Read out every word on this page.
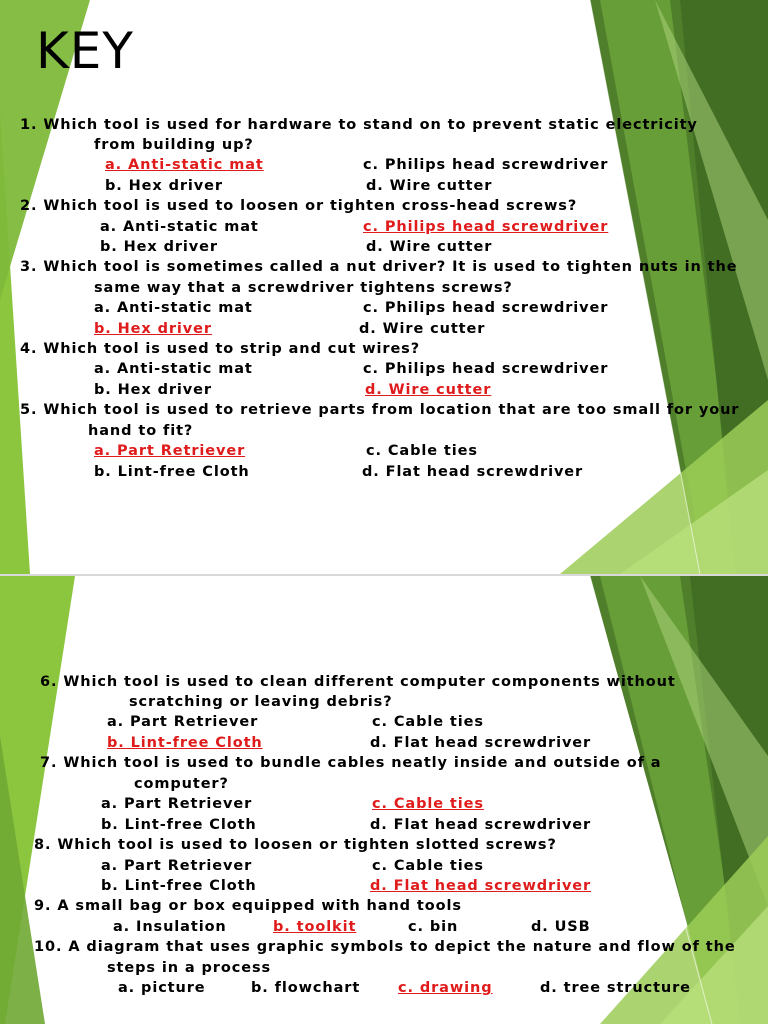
KEY
1. Which tool is used for hardware to stand on to prevent static electricity
from building up?
a. Anti-static mat	c. Philips head screwdriver
b. Hex driver	d. Wire cutter
2. Which tool is used to loosen or tighten cross-head screws?
a. Anti-static mat	c. Philips head screwdriver
b. Hex driver	d. Wire cutter
3. Which tool is sometimes called a nut driver? It is used to tighten nuts in the
same way that a screwdriver tightens screws?
a. Anti-static mat	c. Philips head screwdriver
b. Hex driver	d. Wire cutter
4. Which tool is used to strip and cut wires?
a. Anti-static mat	c. Philips head screwdriver
b. Hex driver	d. Wire cutter
5. Which tool is used to retrieve parts from location that are too small for your
hand to fit?
a. Part Retriever	c. Cable ties
b. Lint-free Cloth	d. Flat head screwdriver
6. Which tool is used to clean different computer components without
scratching or leaving debris?
a. Part Retriever	c. Cable ties
b. Lint-free Cloth	d. Flat head screwdriver
7. Which tool is used to bundle cables neatly inside and outside of a
computer?
a. Part Retriever	c. Cable ties
b. Lint-free Cloth	d. Flat head screwdriver
8. Which tool is used to loosen or tighten slotted screws?
a. Part Retriever	c. Cable ties
b. Lint-free Cloth	d. Flat head screwdriver
9. A small bag or box equipped with hand tools
a. Insulation	b. toolkit	c. bin	d. USB
10. A diagram that uses graphic symbols to depict the nature and flow of the
steps in a process
a. picture	b. flowchart	c. drawing	d. tree structure
